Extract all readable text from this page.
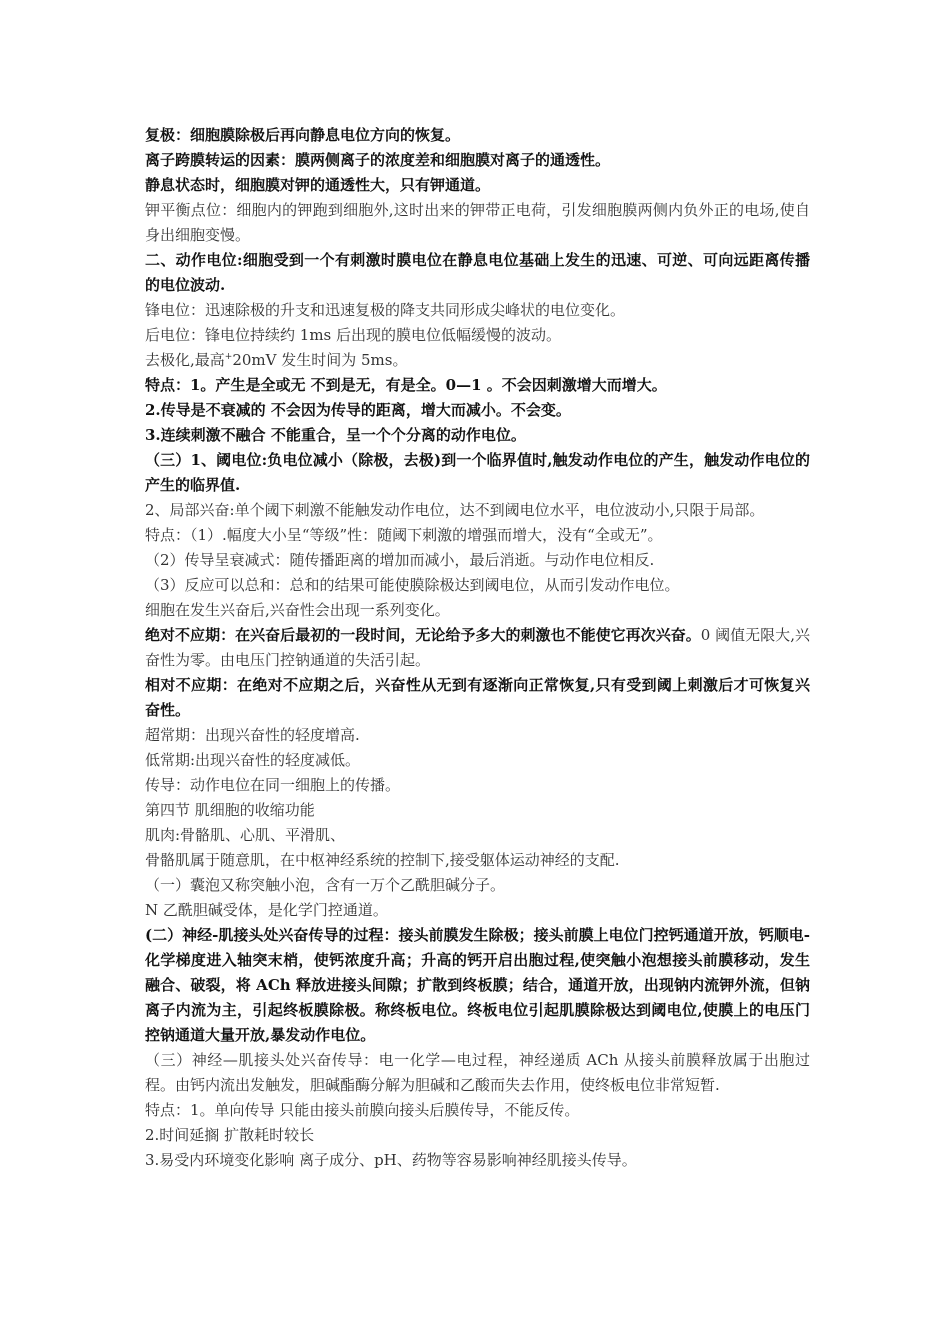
复极：细胞膜除极后再向静息电位方向的恢复。

离子跨膜转运的因素：膜两侧离子的浓度差和细胞膜对离子的通透性。

静息状态时，细胞膜对钾的通透性大，只有钾通道。

钾平衡点位：细胞内的钾跑到细胞外,这时出来的钾带正电荷，引发细胞膜两侧内负外正的电场,使自身出细胞变慢。

二、动作电位:细胞受到一个有刺激时膜电位在静息电位基础上发生的迅速、可逆、可向远距离传播的电位波动.

锋电位：迅速除极的升支和迅速复极的降支共同形成尖峰状的电位变化。

后电位：锋电位持续约 1ms 后出现的膜电位低幅缓慢的波动。

去极化,最高+20mV 发生时间为 5ms。

特点：1。产生是全或无 不到是无，有是全。0—1 。不会因刺激增大而增大。

2.传导是不衰减的 不会因为传导的距离，增大而减小。不会变。

3.连续刺激不融合 不能重合，呈一个个分离的动作电位。

（三）1、阈电位:负电位减小（除极，去极)到一个临界值时,触发动作电位的产生，触发动作电位的产生的临界值.

2、局部兴奋:单个阈下刺激不能触发动作电位，达不到阈电位水平，电位波动小,只限于局部。

特点：（1）.幅度大小呈“等级”性：随阈下刺激的增强而增大，没有“全或无”。

（2）传导呈衰减式：随传播距离的增加而减小，最后消逝。与动作电位相反.

（3）反应可以总和：总和的结果可能使膜除极达到阈电位，从而引发动作电位。

细胞在发生兴奋后,兴奋性会出现一系列变化。

绝对不应期：在兴奋后最初的一段时间，无论给予多大的刺激也不能使它再次兴奋。0 阈值无限大,兴奋性为零。由电压门控钠通道的失活引起。

相对不应期：在绝对不应期之后，兴奋性从无到有逐渐向正常恢复,只有受到阈上刺激后才可恢复兴奋性。

超常期：出现兴奋性的轻度增高.

低常期:出现兴奋性的轻度减低。

传导：动作电位在同一细胞上的传播。

第四节 肌细胞的收缩功能

肌肉:骨骼肌、心肌、平滑肌、

骨骼肌属于随意肌，在中枢神经系统的控制下,接受躯体运动神经的支配.

（一）囊泡又称突触小泡，含有一万个乙酰胆碱分子。

N 乙酰胆碱受体，是化学门控通道。

(二）神经-肌接头处兴奋传导的过程：接头前膜发生除极；接头前膜上电位门控钙通道开放，钙顺电-化学梯度进入轴突末梢，使钙浓度升高；升高的钙开启出胞过程,使突触小泡想接头前膜移动，发生融合、破裂，将 ACh 释放进接头间隙；扩散到终板膜；结合，通道开放，出现钠内流钾外流，但钠离子内流为主，引起终板膜除极。称终板电位。终板电位引起肌膜除极达到阈电位,使膜上的电压门控钠通道大量开放,暴发动作电位。

（三）神经—肌接头处兴奋传导：电一化学—电过程，神经递质 ACh 从接头前膜释放属于出胞过程。由钙内流出发触发，胆碱酯酶分解为胆碱和乙酸而失去作用，使终板电位非常短暂.

特点：1。单向传导 只能由接头前膜向接头后膜传导，不能反传。

2.时间延搁 扩散耗时较长

3.易受内环境变化影响 离子成分、pH、药物等容易影响神经肌接头传导。
